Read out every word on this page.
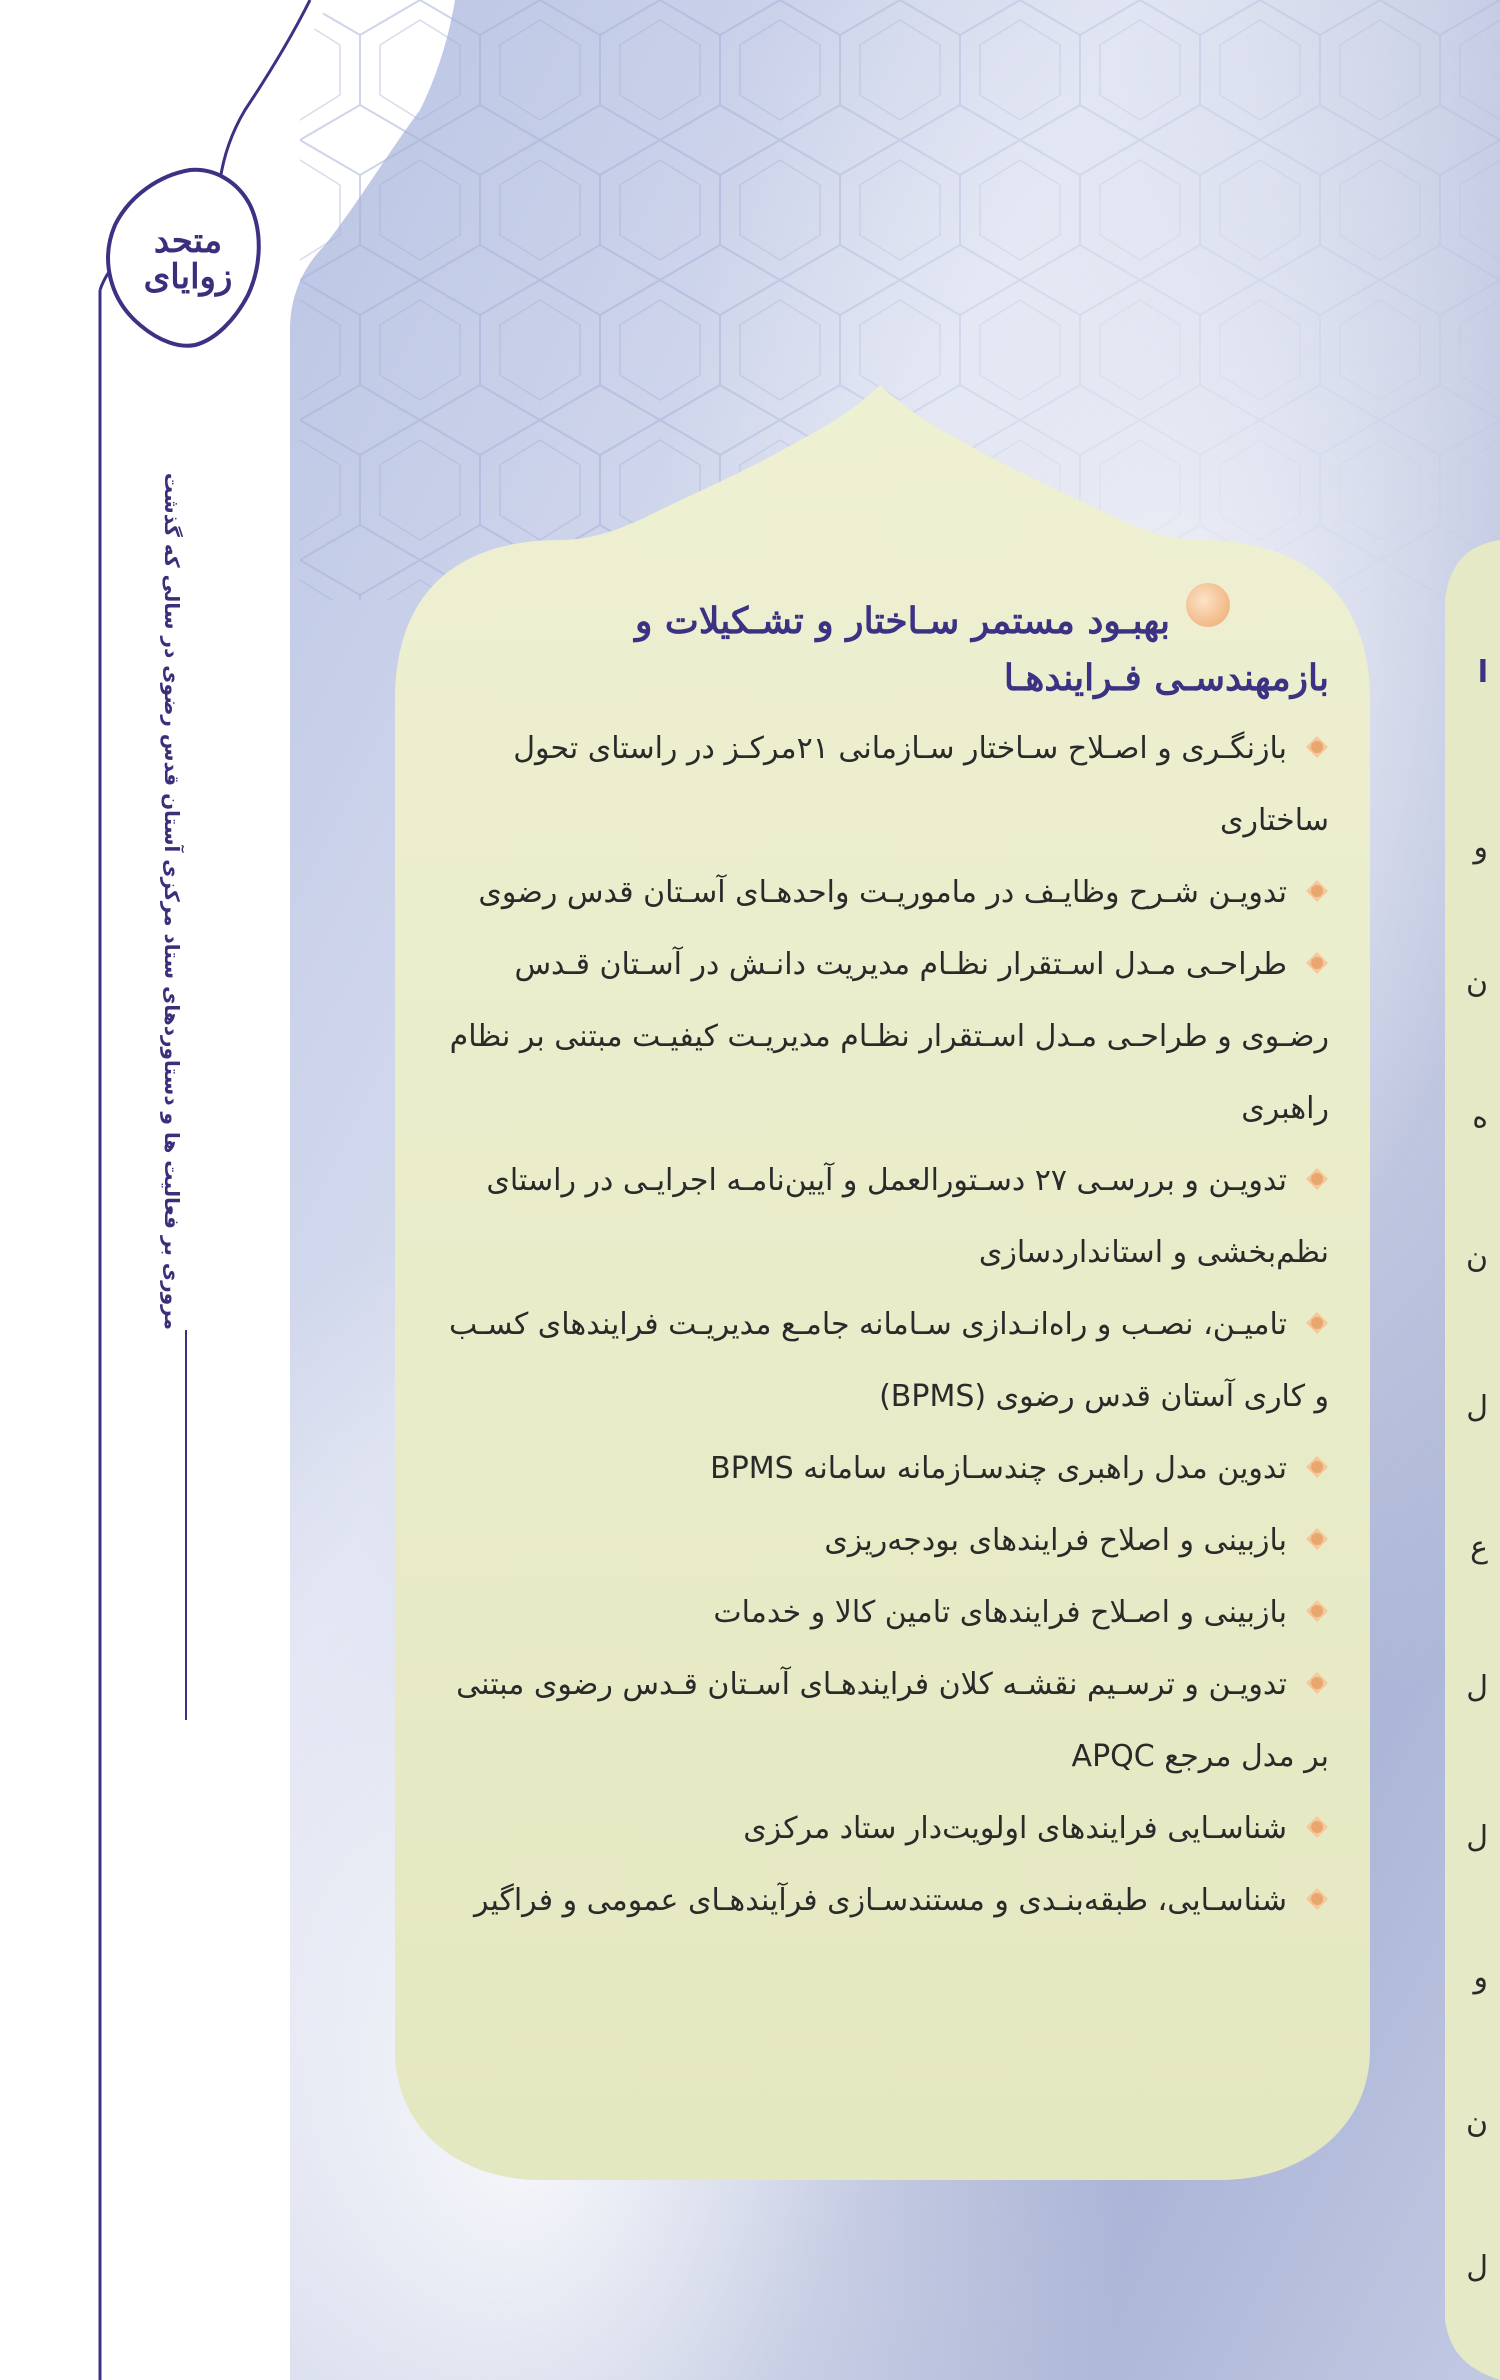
متحد زوایای
مروری بر فعالیت ها و دستاوردهای ستاد مرکزی آستان قدس رضوی در سالی که گذشت	بهبـود مستمر سـاختار و تشـکیلات و

بازمهندسـی فـرایندهـا

بازنگـری و اصـلاح سـاختار سـازمانی ۲۱مرکـز در راستای تحول ساختاری
تدویـن شـرح وظایـف در ماموریـت واحدهـای آسـتان قدس رضوی
طراحـی مـدل اسـتقرار نظـام مدیریت دانـش در آسـتان قـدس رضـوی و طراحـی مـدل اسـتقرار نظـام مدیریـت کیفیـت مبتنی بر نظام راهبری
تدویـن و بررسـی ۲۷ دسـتورالعمل و آیین‌نامـه اجرایـی در راستای نظم‌بخشی و استانداردسازی
تامیـن، نصـب و راه‌انـدازی سـامانه جامـع مدیریـت فرایندهای کسـب و کاری آستان قدس رضوی (BPMS)
تدوین مدل راهبری چندسـازمانه سامانه BPMS
بازبینی و اصلاح فرایندهای بودجه‌ریزی
بازبینی و اصـلاح فرایندهای تامین کالا و خدمات
تدویـن و ترسـیم نقشـه کلان فرایندهـای آسـتان قـدس رضوی مبتنی بر مدل مرجع APQC
شناسـایی فرایندهای اولویت‌دار ستاد مرکزی
شناسـایی، طبقه‌بنـدی و مستندسـازی فرآیندهـای عمومی و فراگیر
ا
و
ن
ه
ن
ل
ع
ل
ل
و
ن
ل
